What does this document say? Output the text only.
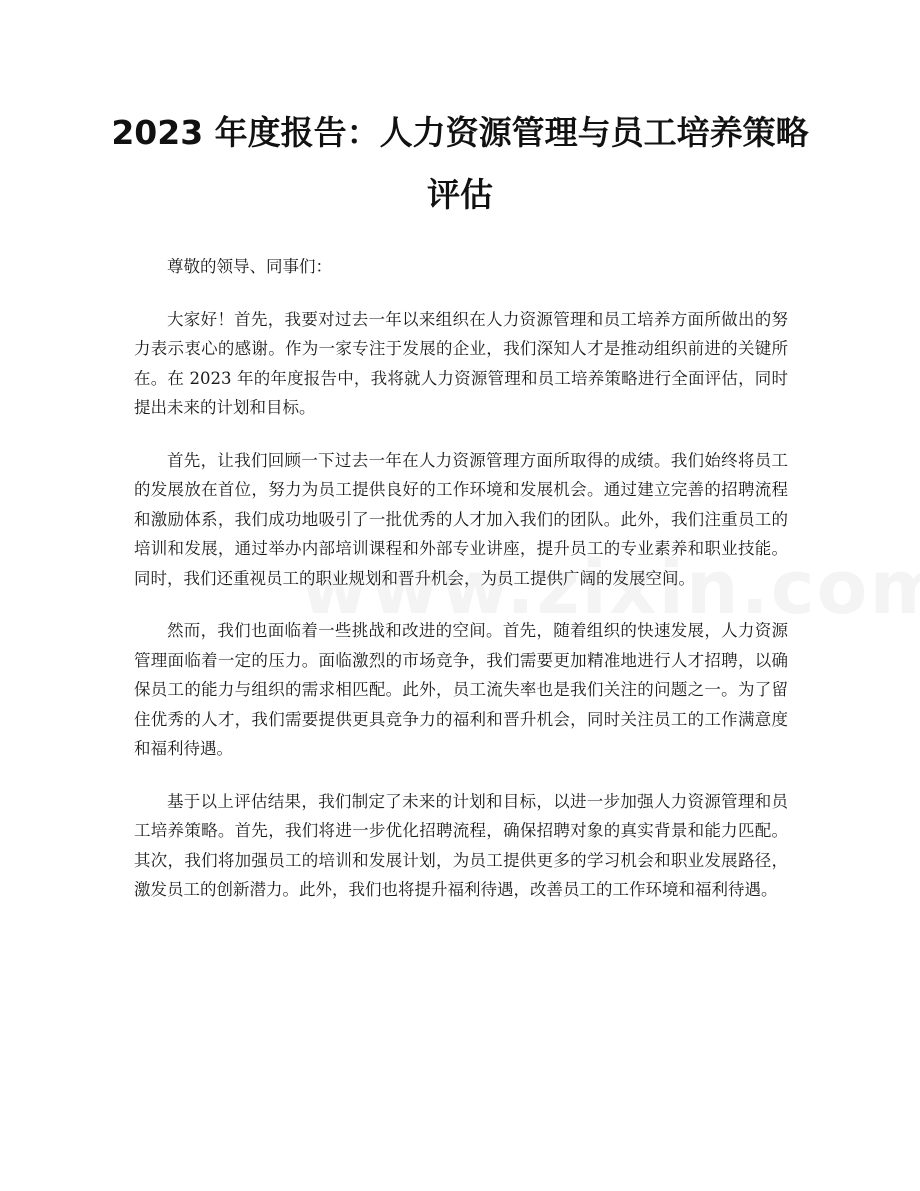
2023 年度报告：人力资源管理与员工培养策略评估

尊敬的领导、同事们：

大家好！首先，我要对过去一年以来组织在人力资源管理和员工培养方面所做出的努力表示衷心的感谢。作为一家专注于发展的企业，我们深知人才是推动组织前进的关键所在。在 2023 年的年度报告中，我将就人力资源管理和员工培养策略进行全面评估，同时提出未来的计划和目标。

首先，让我们回顾一下过去一年在人力资源管理方面所取得的成绩。我们始终将员工的发展放在首位，努力为员工提供良好的工作环境和发展机会。通过建立完善的招聘流程和激励体系，我们成功地吸引了一批优秀的人才加入我们的团队。此外，我们注重员工的培训和发展，通过举办内部培训课程和外部专业讲座，提升员工的专业素养和职业技能。同时，我们还重视员工的职业规划和晋升机会，为员工提供广阔的发展空间。

然而，我们也面临着一些挑战和改进的空间。首先，随着组织的快速发展，人力资源管理面临着一定的压力。面临激烈的市场竞争，我们需要更加精准地进行人才招聘，以确保员工的能力与组织的需求相匹配。此外，员工流失率也是我们关注的问题之一。为了留住优秀的人才，我们需要提供更具竞争力的福利和晋升机会，同时关注员工的工作满意度和福利待遇。

基于以上评估结果，我们制定了未来的计划和目标，以进一步加强人力资源管理和员工培养策略。首先，我们将进一步优化招聘流程，确保招聘对象的真实背景和能力匹配。其次，我们将加强员工的培训和发展计划，为员工提供更多的学习机会和职业发展路径，激发员工的创新潜力。此外，我们也将提升福利待遇，改善员工的工作环境和福利待遇。
